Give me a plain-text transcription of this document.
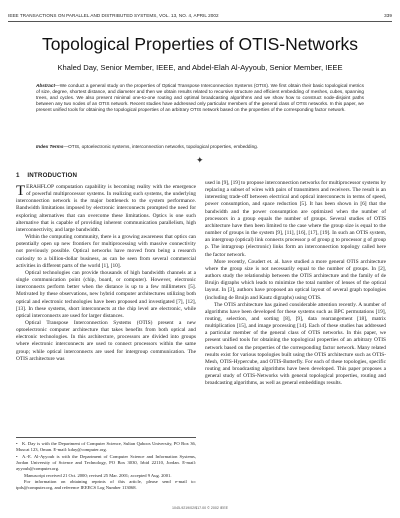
IEEE TRANSACTIONS ON PARALLEL AND DISTRIBUTED SYSTEMS, VOL. 13, NO. 4, APRIL 2002	339
Topological Properties of OTIS-Networks
Khaled Day, Senior Member, IEEE, and Abdel-Elah Al-Ayyoub, Senior Member, IEEE
Abstract—We conduct a general study on the properties of Optical Transpose Interconnection Systems (OTIS). We first obtain their basic topological metrics of size, degree, shortest distance, and diameter and then we obtain results related to recursive structure and efficient embedding of meshes, cubes, spanning trees, and cycles. We also present minimal one-to-one routing and optimal broadcasting algorithms and we show how to construct node-disjoint paths between any two nodes of an OTIS network. Recent studies have addressed only particular members of the general class of OTIS networks. In this paper, we present unified tools for obtaining the topological properties of an arbitrary OTIS network based on the properties of the corresponding factor network.
Index Terms—OTIS, optoelectronic systems, interconnection networks, topological properties, embedding.
✦
1 INTRODUCTION

TERAHFLOP computation capability is becoming reality with the emergence of powerful multiprocessor systems. In realizing such systems, the underlying interconnection network is the major bottleneck to the system performance. Bandwidth limitations imposed by electronic interconnects prompted the need for exploring alternatives that can overcome these limitations. Optics is one such alternative that is capable of providing inherent communication parallelism, high interconnectivity, and large bandwidth.

Within the computing community, there is a growing awareness that optics can potentially open up new frontiers for multiprocessing with massive connectivity not previously possible. Optical networks have moved from being a research curiosity to a billion-dollar business, as can be seen from several commercial activities in different parts of the world [1], [10].

Optical technologies can provide thousands of high bandwidth channels at a single communication point (chip, board, or computer). However, electronic interconnects perform better when the distance is up to a few millimeters [5]. Motivated by these observations, new hybrid computer architectures utilizing both optical and electronic technologies have been proposed and investigated [7], [12], [13]. In these systems, short interconnects at the chip level are electronic, while optical interconnects are used for larger distances.

Optical Transpose Interconnection Systems (OTIS) present a new optoelectronic computer architecture that takes benefits from both optical and electronic technologies. In this architecture, processors are divided into groups where electronic interconnects are used to connect processors within the same group; while optical interconnects are used for intergroup communication. The OTIS architecture was

used in [9], [19] to propose interconnection networks for multiprocessor systems by replacing a subset of wires with pairs of transmitters and receivers. The result is an interesting trade-off between electrical and optical interconnects in terms of speed, power consumption, and space reduction [5]. It has been shown in [6] that the bandwidth and the power consumption are optimized when the number of processors in a group equals the number of groups. Several studies of OTIS architecture have then been limited to the case where the group size is equal to the number of groups in the system [9], [11], [16], [17], [19]. In such an OTIS system, an intergroup (optical) link connects processor p of group g to processor g of group p. The intragroup (electronic) links form an interconnection topology called here the factor network.

More recently, Coudert et. al. have studied a more general OTIS architecture where the group size is not necessarily equal to the number of groups. In [2], authors study the relationship between the OTIS architecture and the family of de Bruijn digraphs which leads to minimize the total number of lenses of the optical layout. In [3], authors have proposed an optical layout of several graph topologies (including de Bruijn and Kautz digraphs) using OTIS.

The OTIS architecture has gained considerable attention recently. A number of algorithms have been developed for these systems such as BPC permutations [19], routing, selection, and sorting [8], [9], data rearrangement [18], matrix multiplication [15], and image processing [14]. Each of these studies has addressed a particular member of the general class of OTIS networks. In this paper, we present unified tools for obtaining the topological properties of an arbitrary OTIS network based on the properties of the corresponding factor network. Many related results exist for various topologies built using the OTIS architecture such as OTIS-Mesh, OTIS-Hypercube, and OTIS-Butterfly. For each of these topologies, specific routing and broadcasting algorithms have been developed. This paper proposes a general study of OTIS-Networks with general topological properties, routing and broadcasting algorithms, as well as general embeddings results.

• K. Day is with the Department of Computer Science, Sultan Qaboos University, PO Box 36, Muscat 123, Oman. E-mail: kday@computer.org.

• A.-E. Al-Ayyoub is with the Department of Computer Science and Information Systems, Jordan University of Science and Technology, PO Box 3030, Irbid 22110, Jordan. E-mail: ayyoub@computer.org.

Manuscript received 21 Oct. 2000; revised 25 Mar. 2001; accepted 9 Aug. 2001.

For information on obtaining reprints of this article, please send e-mail to: tpds@computer.org, and reference IEEECS Log Number 113068.

1045-9219/02/$17.00 © 2002 IEEE
